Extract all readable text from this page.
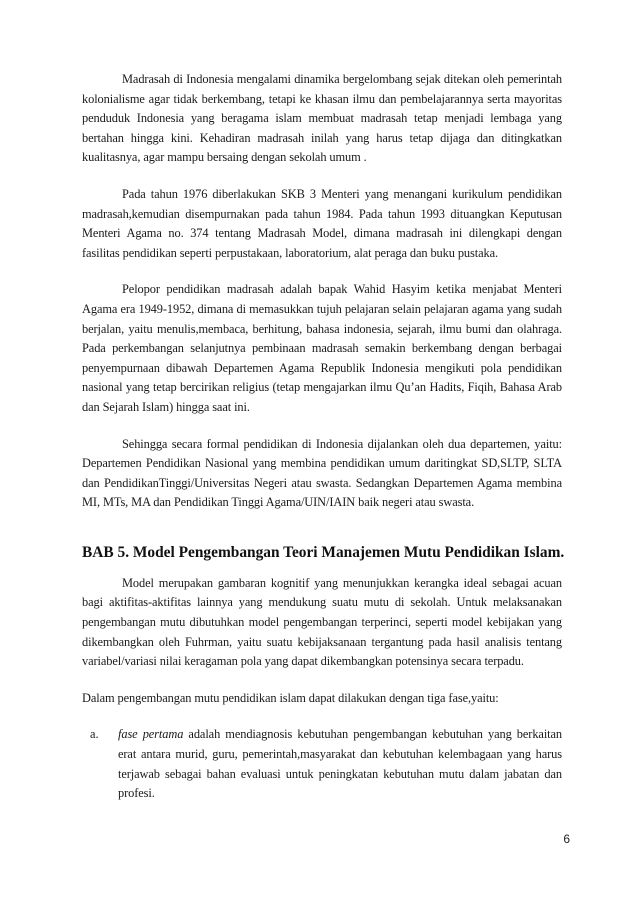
Madrasah di Indonesia mengalami dinamika bergelombang sejak ditekan oleh pemerintah kolonialisme agar tidak berkembang, tetapi ke khasan ilmu dan pembelajarannya serta mayoritas penduduk Indonesia yang beragama islam membuat madrasah tetap menjadi lembaga yang bertahan hingga kini. Kehadiran madrasah inilah yang harus tetap dijaga dan ditingkatkan kualitasnya, agar mampu bersaing dengan sekolah umum .

Pada tahun 1976 diberlakukan SKB 3 Menteri yang menangani kurikulum pendidikan madrasah,kemudian disempurnakan pada tahun 1984. Pada tahun 1993 dituangkan Keputusan Menteri Agama no. 374 tentang Madrasah Model, dimana madrasah ini dilengkapi dengan fasilitas pendidikan seperti perpustakaan, laboratorium, alat peraga dan buku pustaka.

Pelopor pendidikan madrasah adalah bapak Wahid Hasyim ketika menjabat Menteri Agama era 1949-1952, dimana di memasukkan tujuh pelajaran selain pelajaran agama yang sudah berjalan, yaitu menulis,membaca, berhitung, bahasa indonesia, sejarah, ilmu bumi dan olahraga. Pada perkembangan selanjutnya pembinaan madrasah semakin berkembang dengan berbagai penyempurnaan dibawah Departemen Agama Republik Indonesia mengikuti pola pendidikan nasional yang tetap bercirikan religius (tetap mengajarkan ilmu Qu’an Hadits, Fiqih, Bahasa Arab dan Sejarah Islam) hingga saat ini.

Sehingga secara formal pendidikan di Indonesia dijalankan oleh dua departemen, yaitu: Departemen Pendidikan Nasional yang membina pendidikan umum daritingkat SD,SLTP, SLTA dan PendidikanTinggi/Universitas Negeri atau swasta. Sedangkan Departemen Agama membina MI, MTs, MA dan Pendidikan Tinggi Agama/UIN/IAIN baik negeri atau swasta.

BAB 5. Model Pengembangan Teori Manajemen Mutu Pendidikan Islam.

Model merupakan gambaran kognitif yang menunjukkan kerangka ideal sebagai acuan bagi aktifitas-aktifitas lainnya yang mendukung suatu mutu di sekolah. Untuk melaksanakan pengembangan mutu dibutuhkan model pengembangan terperinci, seperti model kebijakan yang dikembangkan oleh Fuhrman, yaitu suatu kebijaksanaan tergantung pada hasil analisis tentang variabel/variasi nilai keragaman pola yang dapat dikembangkan potensinya secara terpadu.

Dalam pengembangan mutu pendidikan islam dapat dilakukan dengan tiga fase,yaitu:

a. fase pertama adalah mendiagnosis kebutuhan pengembangan kebutuhan yang berkaitan erat antara murid, guru, pemerintah,masyarakat dan kebutuhan kelembagaan yang harus terjawab sebagai bahan evaluasi untuk peningkatan kebutuhan mutu dalam jabatan dan profesi.

6
